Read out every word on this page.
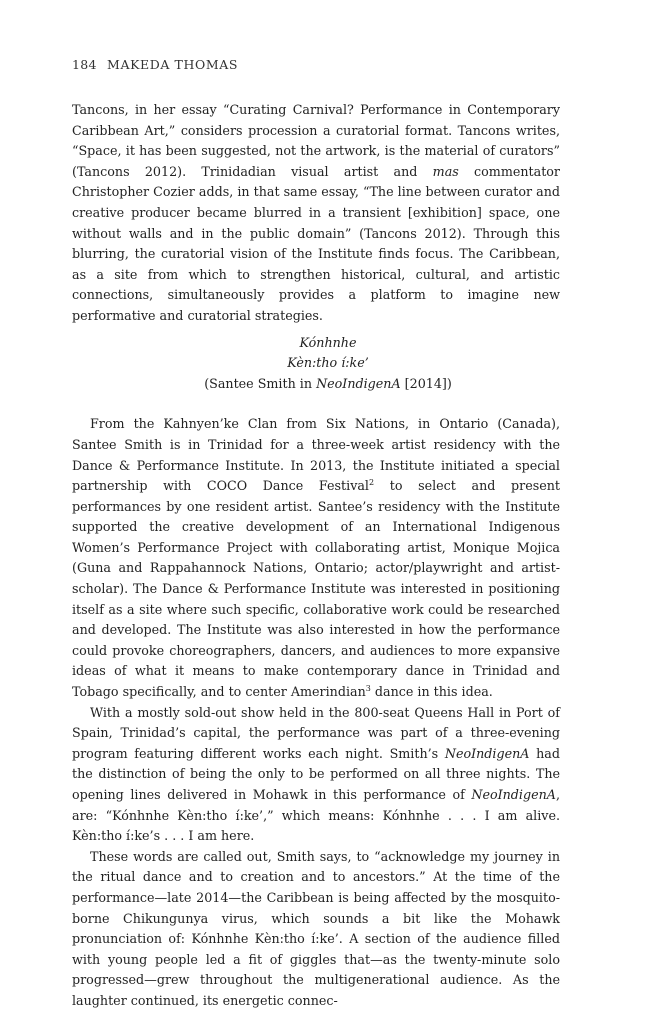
184 MAKEDA THOMAS

Tancons, in her essay “Curating Carnival? Performance in Contemporary Caribbean Art,” considers procession a curatorial format. Tancons writes, “Space, it has been suggested, not the artwork, is the material of curators” (Tancons 2012). Trinidadian visual artist and mas commentator Christopher Cozier adds, in that same essay, “The line between curator and creative producer became blurred in a transient [exhibition] space, one without walls and in the public domain” (Tancons 2012). Through this blurring, the curatorial vision of the Institute finds focus. The Caribbean, as a site from which to strengthen historical, cultural, and artistic connections, simultaneously provides a platform to imagine new performative and curatorial strategies.

Kónhnhe
Kèn:tho í:ke’
(Santee Smith in NeoIndigenA [2014])

From the Kahnyen’ke Clan from Six Nations, in Ontario (Canada), Santee Smith is in Trinidad for a three-week artist residency with the Dance & Performance Institute. In 2013, the Institute initiated a special partnership with COCO Dance Festival$^2$ to select and present performances by one resident artist. Santee’s residency with the Institute supported the creative development of an International Indigenous Women’s Performance Project with collaborating artist, Monique Mojica (Guna and Rappahannock Nations, Ontario; actor/playwright and artist-scholar). The Dance & Performance Institute was interested in positioning itself as a site where such specific, collaborative work could be researched and developed. The Institute was also interested in how the performance could provoke choreographers, dancers, and audiences to more expansive ideas of what it means to make contemporary dance in Trinidad and Tobago specifically, and to center Amerindian$^3$ dance in this idea.

With a mostly sold-out show held in the 800-seat Queens Hall in Port of Spain, Trinidad’s capital, the performance was part of a three-evening program featuring different works each night. Smith’s NeoIndigenA had the distinction of being the only to be performed on all three nights. The opening lines delivered in Mohawk in this performance of NeoIndigenA, are: “Kónhnhe Kèn:tho í:ke’,” which means: Kónhnhe . . . I am alive. Kèn:tho í:ke’s . . . I am here.

These words are called out, Smith says, to “acknowledge my journey in the ritual dance and to creation and to ancestors.” At the time of the performance—late 2014—the Caribbean is being affected by the mosquito-borne Chikungunya virus, which sounds a bit like the Mohawk pronunciation of: Kónhnhe Kèn:tho í:ke’. A section of the audience filled with young people led a fit of giggles that—as the twenty-minute solo progressed—grew throughout the multigenerational audience. As the laughter continued, its energetic connec-
